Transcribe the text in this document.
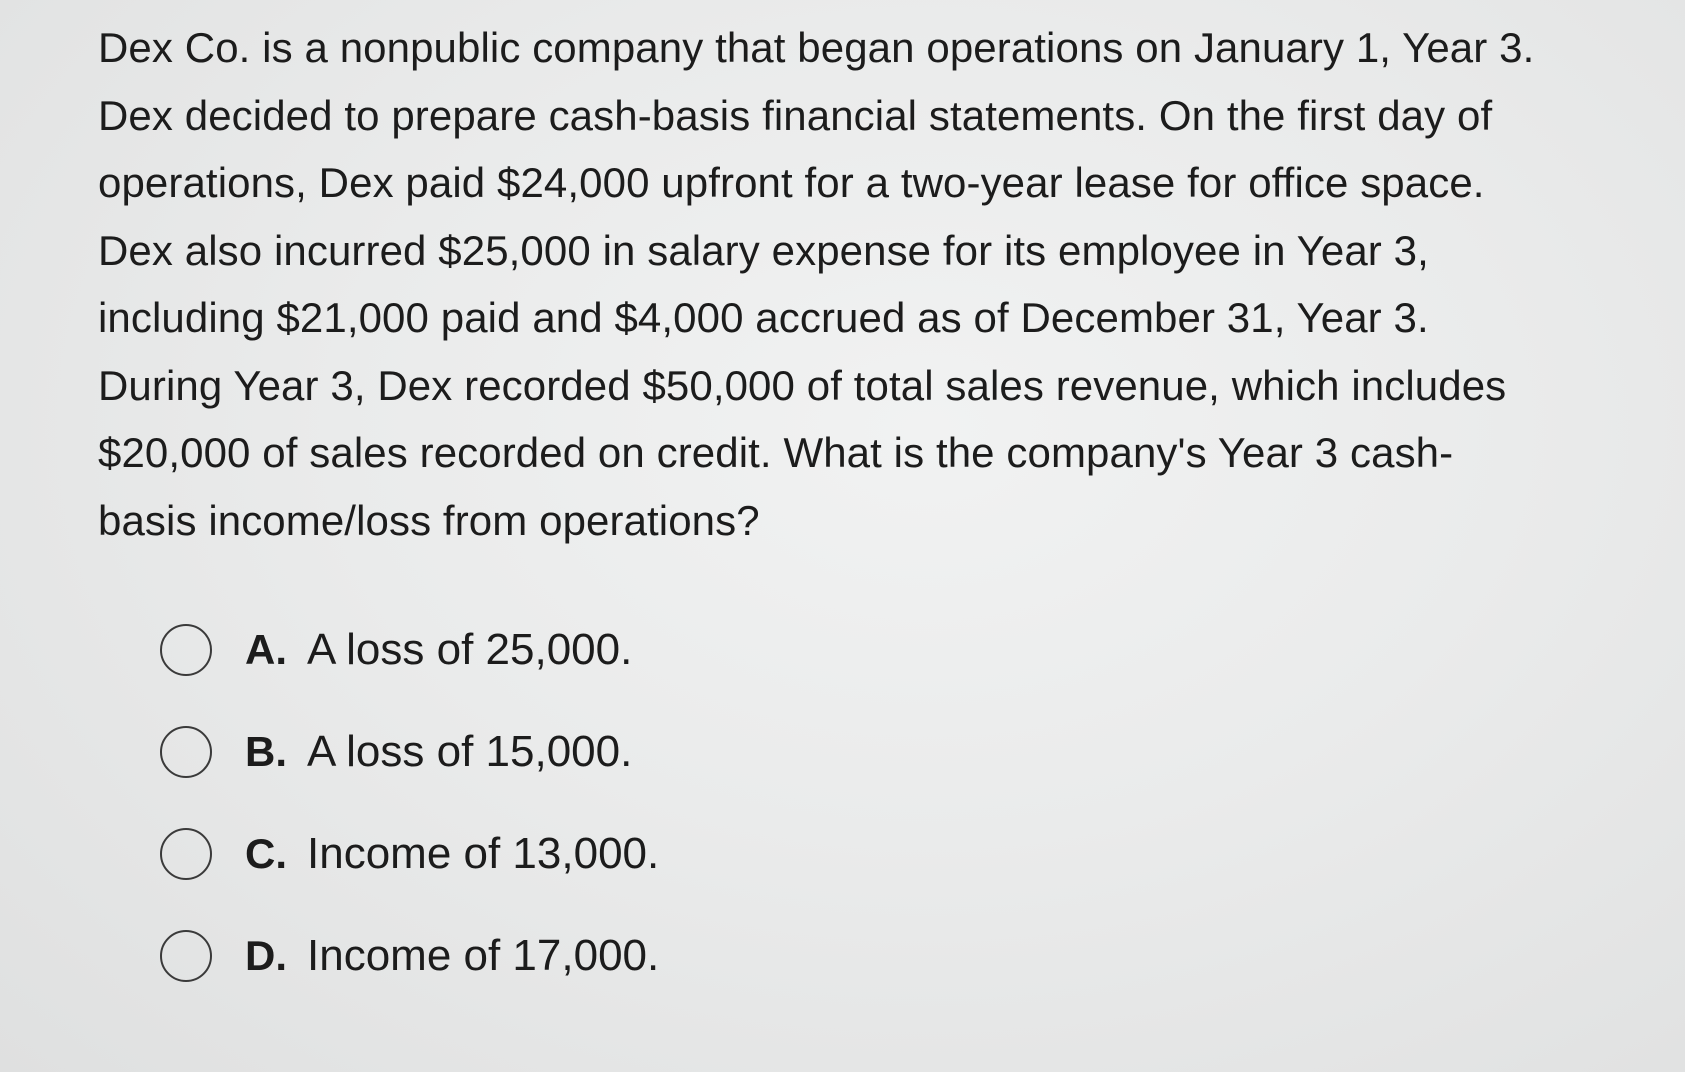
Dex Co. is a nonpublic company that began operations on January 1, Year 3.
Dex decided to prepare cash-basis financial statements. On the first day of
operations, Dex paid $24,000 upfront for a two-year lease for office space.
Dex also incurred $25,000 in salary expense for its employee in Year 3,
including $21,000 paid and $4,000 accrued as of December 31, Year 3.
During Year 3, Dex recorded $50,000 of total sales revenue, which includes
$20,000 of sales recorded on credit. What is the company's Year 3 cash-
basis income/loss from operations?
A. A loss of 25,000.
B. A loss of 15,000.
C. Income of 13,000.
D. Income of 17,000.
